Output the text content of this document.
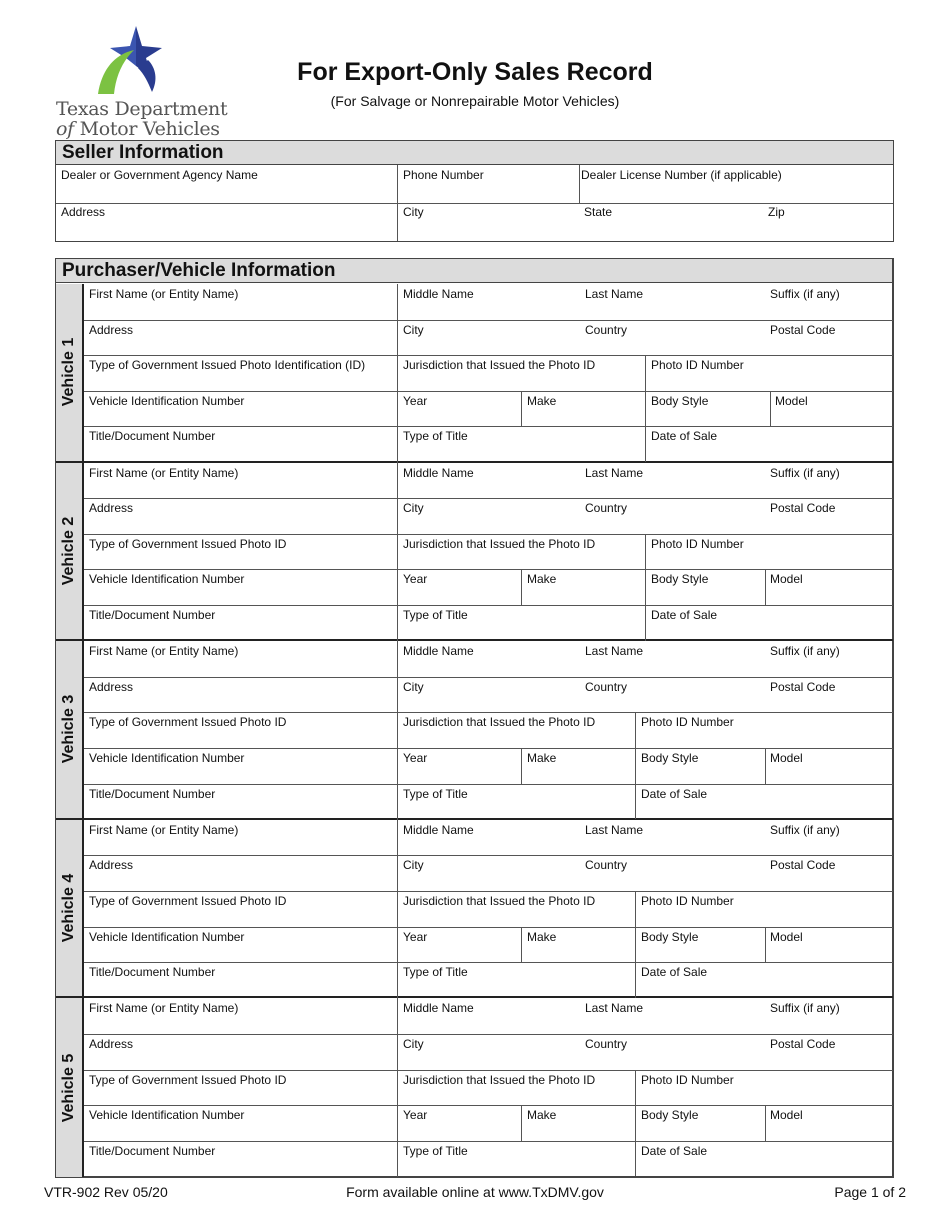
Texas Department
of Motor Vehicles
For Export-Only Sales Record
(For Salvage or Nonrepairable Motor Vehicles)
Seller Information
Dealer or Government Agency Name	Phone Number	Dealer License Number (if applicable)
Address	City	State	Zip
Purchaser/Vehicle Information
Vehicle 1
First Name (or Entity Name)	Middle Name	Last Name	Suffix (if any)
Address	City	Country	Postal Code
Type of Government Issued Photo Identification (ID)	Jurisdiction that Issued the Photo ID	Photo ID Number
Vehicle Identification Number	Year	Make	Body Style	Model
Title/Document Number	Type of Title	Date of Sale
Vehicle 2
First Name (or Entity Name)	Middle Name	Last Name	Suffix (if any)
Address	City	Country	Postal Code
Type of Government Issued Photo ID	Jurisdiction that Issued the Photo ID	Photo ID Number
Vehicle Identification Number	Year	Make	Body Style	Model
Title/Document Number	Type of Title	Date of Sale
Vehicle 3
First Name (or Entity Name)	Middle Name	Last Name	Suffix (if any)
Address	City	Country	Postal Code
Type of Government Issued Photo ID	Jurisdiction that Issued the Photo ID	Photo ID Number
Vehicle Identification Number	Year	Make	Body Style	Model
Title/Document Number	Type of Title	Date of Sale
Vehicle 4
First Name (or Entity Name)	Middle Name	Last Name	Suffix (if any)
Address	City	Country	Postal Code
Type of Government Issued Photo ID	Jurisdiction that Issued the Photo ID	Photo ID Number
Vehicle Identification Number	Year	Make	Body Style	Model
Title/Document Number	Type of Title	Date of Sale
Vehicle 5
First Name (or Entity Name)	Middle Name	Last Name	Suffix (if any)
Address	City	Country	Postal Code
Type of Government Issued Photo ID	Jurisdiction that Issued the Photo ID	Photo ID Number
Vehicle Identification Number	Year	Make	Body Style	Model
Title/Document Number	Type of Title	Date of Sale
VTR-902 Rev 05/20	Form available online at www.TxDMV.gov	Page 1 of 2
